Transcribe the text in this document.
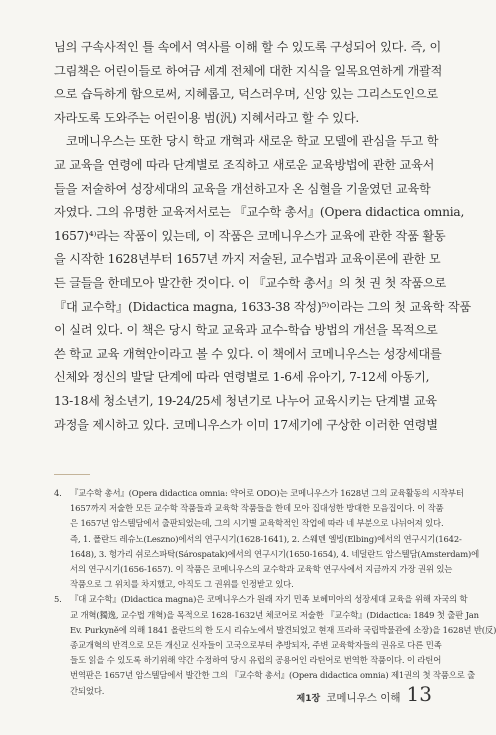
님의 구속사적인 틀 속에서 역사를 이해 할 수 있도록 구성되어 있다. 즉, 이
그림책은 어린이들로 하여금 세계 전체에 대한 지식을 일목요연하게 개괄적
으로 습득하게 함으로써, 지혜롭고, 덕스러우며, 신앙 있는 그리스도인으로
자라도록 도와주는 어린이용 범(汎) 지혜서라고 할 수 있다.

코메니우스는 또한 당시 학교 개혁과 새로운 학교 모델에 관심을 두고 학
교 교육을 연령에 따라 단계별로 조직하고 새로운 교육방법에 관한 교육서
들을 저술하여 성장세대의 교육을 개선하고자 온 심혈을 기울였던 교육학
자였다. 그의 유명한 교육저서로는 『교수학 총서』(Opera didactica omnia,
1657)⁴⁾라는 작품이 있는데, 이 작품은 코메니우스가 교육에 관한 작품 활동
을 시작한 1628년부터 1657년 까지 저술된, 교수법과 교육이론에 관한 모
든 글들을 한데모아 발간한 것이다. 이 『교수학 총서』의 첫 권 첫 작품으로
『대 교수학』(Didactica magna, 1633-38 작성)⁵⁾이라는 그의 첫 교육학 작품
이 실려 있다. 이 책은 당시 학교 교육과 교수-학습 방법의 개선을 목적으로
쓴 학교 교육 개혁안이라고 볼 수 있다. 이 책에서 코메니우스는 성장세대를
신체와 정신의 발달 단계에 따라 연령별로 1-6세 유아기, 7-12세 아동기,
13-18세 청소년기, 19-24/25세 청년기로 나누어 교육시키는 단계별 교육
과정을 제시하고 있다. 코메니우스가 이미 17세기에 구상한 이러한 연령별

4. 『교수학 총서』(Opera didactica omnia: 약어로 ODO)는 코메니우스가 1628년 그의 교육활동의 시작부터
1657까지 저술한 모든 교수학 작품들과 교육학 작품들을 한데 모아 집대성한 방대한 모음집이다. 이 작품
은 1657년 암스텔담에서 출판되었는데, 그의 시기별 교육학적인 작업에 따라 네 부분으로 나뉘어져 있다.
즉, 1. 폴란드 레슈노(Leszno)에서의 연구시기(1628-1641), 2. 스웨덴 엘빙(Elbing)에서의 연구시기(1642-
1648), 3. 헝가리 쉬로스파탁(Sárospatak)에서의 연구시기(1650-1654), 4. 네덜란드 암스텔담(Amsterdam)에
서의 연구시기(1656-1657). 이 작품은 코메니우스의 교수학과 교육학 연구사에서 지금까지 가장 권위 있는
작품으로 그 위치를 차지했고, 아직도 그 권위를 인정받고 있다.
5. 『대 교수학』(Didactica magna)은 코메니우스가 원래 자기 민족 보헤미아의 성장세대 교육을 위해 자국의 학
교 개혁(獨逸, 교수법 개혁)을 목적으로 1628-1632년 체코어로 저술한 『교수학』(Didactica: 1849 첫 출판 Jan
Ev. Purkyně에 의해 1841 올란드의 한 도시 리슈노에서 발견되었고 현재 프라하 국립박물관에 소장)을 1628년 반(反)
종교개혁의 반격으로 모든 개신교 신자들이 고국으로부터 추방되자, 주변 교육학자들의 권유로 다른 민족
들도 읽을 수 있도록 하기위해 약간 수정하여 당시 유럽의 공용어인 라틴어로 번역한 작품이다. 이 라틴어
번역판은 1657년 암스텔담에서 발간한 그의 『교수학 총서』(Opera didactica omnia) 제1권의 첫 작품으로 출
간되었다.
제1장 코메니우스 이해 13
